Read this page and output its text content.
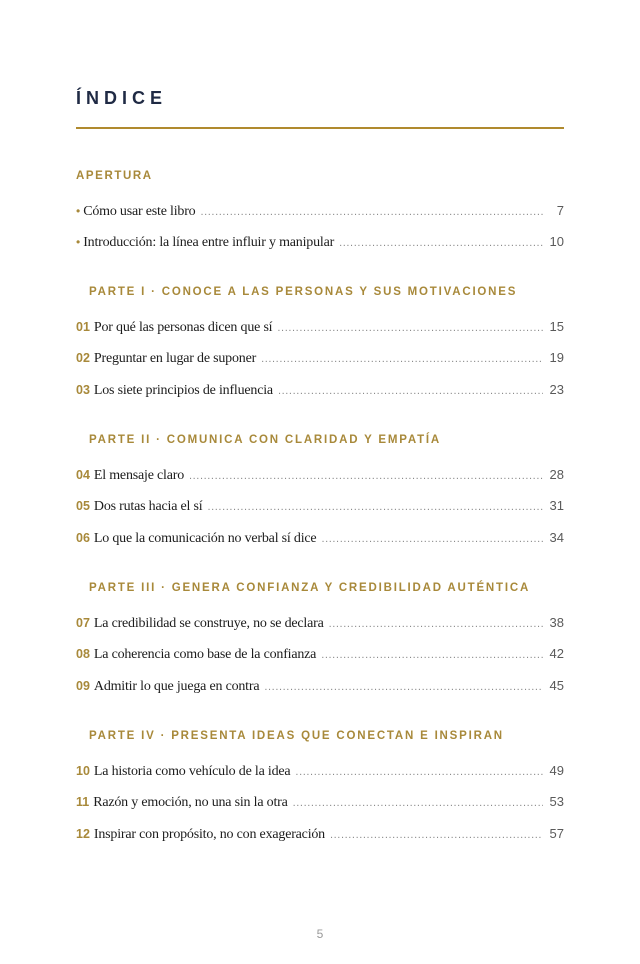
ÍNDICE
APERTURA
• Cómo usar este libro .....	7
• Introducción: la línea entre influir y manipular .....	10
PARTE I · CONOCE A LAS PERSONAS Y SUS MOTIVACIONES
01 Por qué las personas dicen que sí .....	15
02 Preguntar en lugar de suponer .....	19
03 Los siete principios de influencia .....	23
PARTE II · COMUNICA CON CLARIDAD Y EMPATÍA
04 El mensaje claro .....	28
05 Dos rutas hacia el sí .....	31
06 Lo que la comunicación no verbal sí dice .....	34
PARTE III · GENERA CONFIANZA Y CREDIBILIDAD AUTÉNTICA
07 La credibilidad se construye, no se declara .....	38
08 La coherencia como base de la confianza .....	42
09 Admitir lo que juega en contra .....	45
PARTE IV · PRESENTA IDEAS QUE CONECTAN E INSPIRAN
10 La historia como vehículo de la idea .....	49
11 Razón y emoción, no una sin la otra .....	53
12 Inspirar con propósito, no con exageración .....	57
5
